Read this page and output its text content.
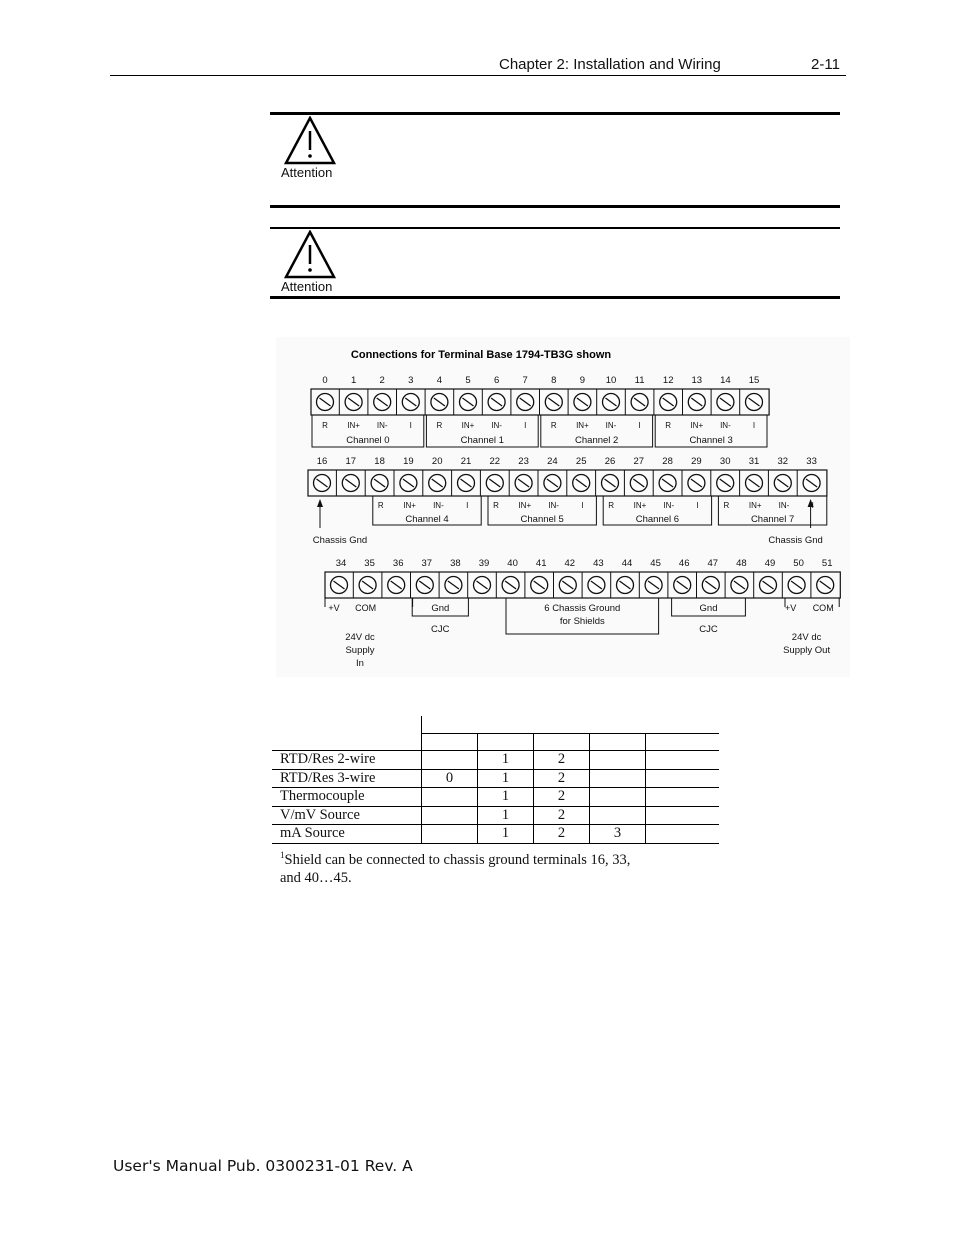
Chapter 2: Installation and Wiring	2-11
Attention
Attention
Connections for Terminal Base 1794-TB3G shown
0 1 2 3 4 5 6 7 8 9 10 11 12 13 14 15
R IN+ IN-	I
Channel 0
R IN+ IN-	I
Channel 1
R IN+ IN-	I
Channel 2
R IN+ IN-	I
Channel 3
16 17 18 19 20 21 22 23 24 25 26 27 28 29 30 31 32 33
R IN+ IN-	I
Channel 4
R IN+ IN-	I
Channel 5
R IN+ IN-	I
Channel 6
R IN+ IN-
Channel 7
Chassis Gnd	Chassis Gnd
34 35 36 37 38 39 40 41 42 43 44 45 46 47 48 49 50 51
+V COM
24V dc
Supply
In
Gnd
CJC
6 Chassis Ground
for Shields
Gnd
CJC
+V COM
24V dc
Supply Out

RTD/Res 2-wire		1	2		
RTD/Res 3-wire	0	1	2		
Thermocouple		1	2		
V/mV Source		1	2		
mA Source		1	2	3	
$^1$Shield can be connected to chassis ground terminals 16, 33,
and 40…45.
User's Manual Pub. 0300231-01 Rev. A
